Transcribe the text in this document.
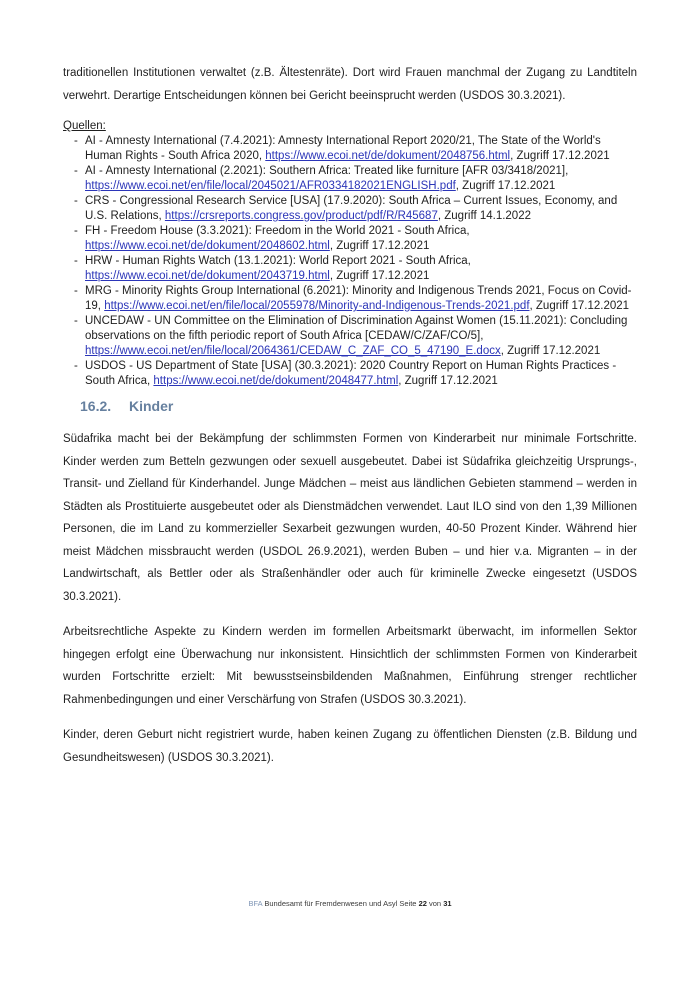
traditionellen Institutionen verwaltet (z.B. Ältestenräte). Dort wird Frauen manchmal der Zugang zu Landtiteln verwehrt. Derartige Entscheidungen können bei Gericht beeinsprucht werden (USDOS 30.3.2021).

Quellen:

- AI - Amnesty International (7.4.2021): Amnesty International Report 2020/21, The State of the World's Human Rights - South Africa 2020, https://www.ecoi.net/de/dokument/2048756.html, Zugriff 17.12.2021
- AI - Amnesty International (2.2021): Southern Africa: Treated like furniture [AFR 03/3418/2021], https://www.ecoi.net/en/file/local/2045021/AFR0334182021ENGLISH.pdf, Zugriff 17.12.2021
- CRS - Congressional Research Service [USA] (17.9.2020): South Africa – Current Issues, Economy, and U.S. Relations, https://crsreports.congress.gov/product/pdf/R/R45687, Zugriff 14.1.2022
- FH - Freedom House (3.3.2021): Freedom in the World 2021 - South Africa, https://www.ecoi.net/de/dokument/2048602.html, Zugriff 17.12.2021
- HRW - Human Rights Watch (13.1.2021): World Report 2021 - South Africa, https://www.ecoi.net/de/dokument/2043719.html, Zugriff 17.12.2021
- MRG - Minority Rights Group International (6.2021): Minority and Indigenous Trends 2021, Focus on Covid-19, https://www.ecoi.net/en/file/local/2055978/Minority-and-Indigenous-Trends-2021.pdf, Zugriff 17.12.2021
- UNCEDAW - UN Committee on the Elimination of Discrimination Against Women (15.11.2021): Concluding observations on the fifth periodic report of South Africa [CEDAW/C/ZAF/CO/5], https://www.ecoi.net/en/file/local/2064361/CEDAW_C_ZAF_CO_5_47190_E.docx, Zugriff 17.12.2021
- USDOS - US Department of State [USA] (30.3.2021): 2020 Country Report on Human Rights Practices - South Africa, https://www.ecoi.net/de/dokument/2048477.html, Zugriff 17.12.2021
16.2. Kinder

Südafrika macht bei der Bekämpfung der schlimmsten Formen von Kinderarbeit nur minimale Fortschritte. Kinder werden zum Betteln gezwungen oder sexuell ausgebeutet. Dabei ist Südafrika gleichzeitig Ursprungs-, Transit- und Zielland für Kinderhandel. Junge Mädchen – meist aus ländlichen Gebieten stammend – werden in Städten als Prostituierte ausgebeutet oder als Dienstmädchen verwendet. Laut ILO sind von den 1,39 Millionen Personen, die im Land zu kommerzieller Sexarbeit gezwungen wurden, 40-50 Prozent Kinder. Während hier meist Mädchen missbraucht werden (USDOL 26.9.2021), werden Buben – und hier v.a. Migranten – in der Landwirtschaft, als Bettler oder als Straßenhändler oder auch für kriminelle Zwecke eingesetzt (USDOS 30.3.2021).

Arbeitsrechtliche Aspekte zu Kindern werden im formellen Arbeitsmarkt überwacht, im informellen Sektor hingegen erfolgt eine Überwachung nur inkonsistent. Hinsichtlich der schlimmsten Formen von Kinderarbeit wurden Fortschritte erzielt: Mit bewusstseinsbildenden Maßnahmen, Einführung strenger rechtlicher Rahmenbedingungen und einer Verschärfung von Strafen (USDOS 30.3.2021).

Kinder, deren Geburt nicht registriert wurde, haben keinen Zugang zu öffentlichen Diensten (z.B. Bildung und Gesundheitswesen) (USDOS 30.3.2021).

BFA Bundesamt für Fremdenwesen und Asyl Seite 22 von 31
